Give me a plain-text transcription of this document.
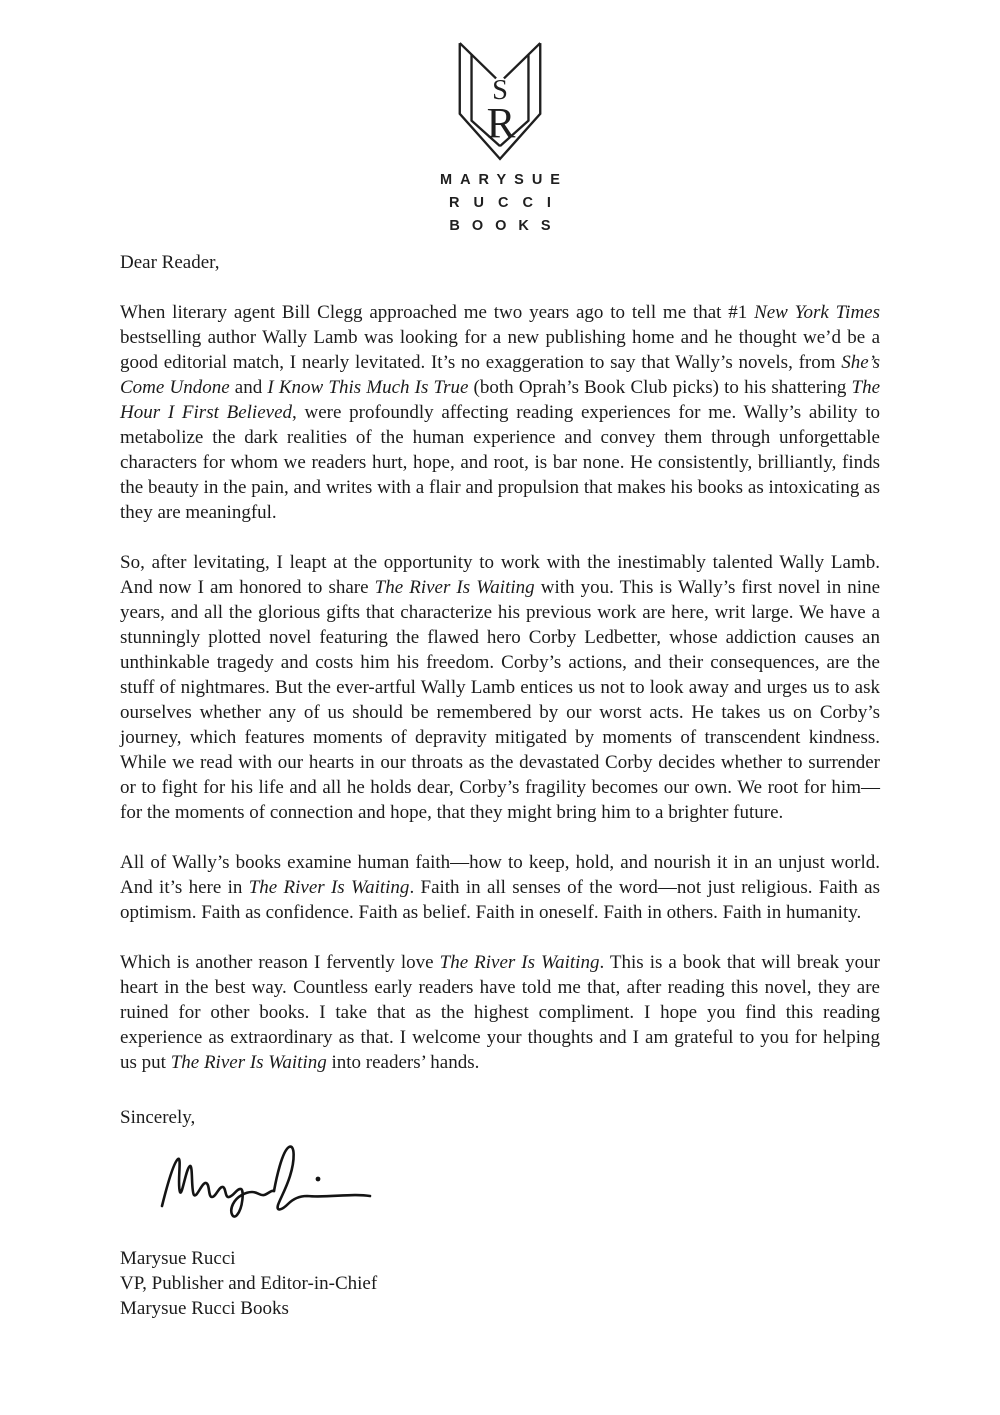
S
R
MARYSUE
RUCCI
BOOKS

Dear Reader,

When literary agent Bill Clegg approached me two years ago to tell me that #1 New York Times bestselling author Wally Lamb was looking for a new publishing home and he thought we’d be a good editorial match, I nearly levitated. It’s no exaggeration to say that Wally’s novels, from She’s Come Undone and I Know This Much Is True (both Oprah’s Book Club picks) to his shattering The Hour I First Believed, were profoundly affecting reading experiences for me. Wally’s ability to metabolize the dark realities of the human experience and convey them through unforgettable characters for whom we readers hurt, hope, and root, is bar none. He consistently, brilliantly, finds the beauty in the pain, and writes with a flair and propulsion that makes his books as intoxicating as they are meaningful.

So, after levitating, I leapt at the opportunity to work with the inestimably talented Wally Lamb. And now I am honored to share The River Is Waiting with you. This is Wally’s first novel in nine years, and all the glorious gifts that characterize his previous work are here, writ large. We have a stunningly plotted novel featuring the flawed hero Corby Ledbetter, whose addiction causes an unthinkable tragedy and costs him his freedom. Corby’s actions, and their consequences, are the stuff of nightmares. But the ever-artful Wally Lamb entices us not to look away and urges us to ask ourselves whether any of us should be remembered by our worst acts. He takes us on Corby’s journey, which features moments of depravity mitigated by moments of transcendent kindness. While we read with our hearts in our throats as the devastated Corby decides whether to surrender or to fight for his life and all he holds dear, Corby’s fragility becomes our own. We root for him—for the moments of connection and hope, that they might bring him to a brighter future.

All of Wally’s books examine human faith—how to keep, hold, and nourish it in an unjust world. And it’s here in The River Is Waiting. Faith in all senses of the word—not just religious. Faith as optimism. Faith as confidence. Faith as belief. Faith in oneself. Faith in others. Faith in humanity.

Which is another reason I fervently love The River Is Waiting. This is a book that will break your heart in the best way. Countless early readers have told me that, after reading this novel, they are ruined for other books. I take that as the highest compliment. I hope you find this reading experience as extraordinary as that. I welcome your thoughts and I am grateful to you for helping us put The River Is Waiting into readers’ hands.

Sincerely,

Marysue Rucci

VP, Publisher and Editor-in-Chief

Marysue Rucci Books
